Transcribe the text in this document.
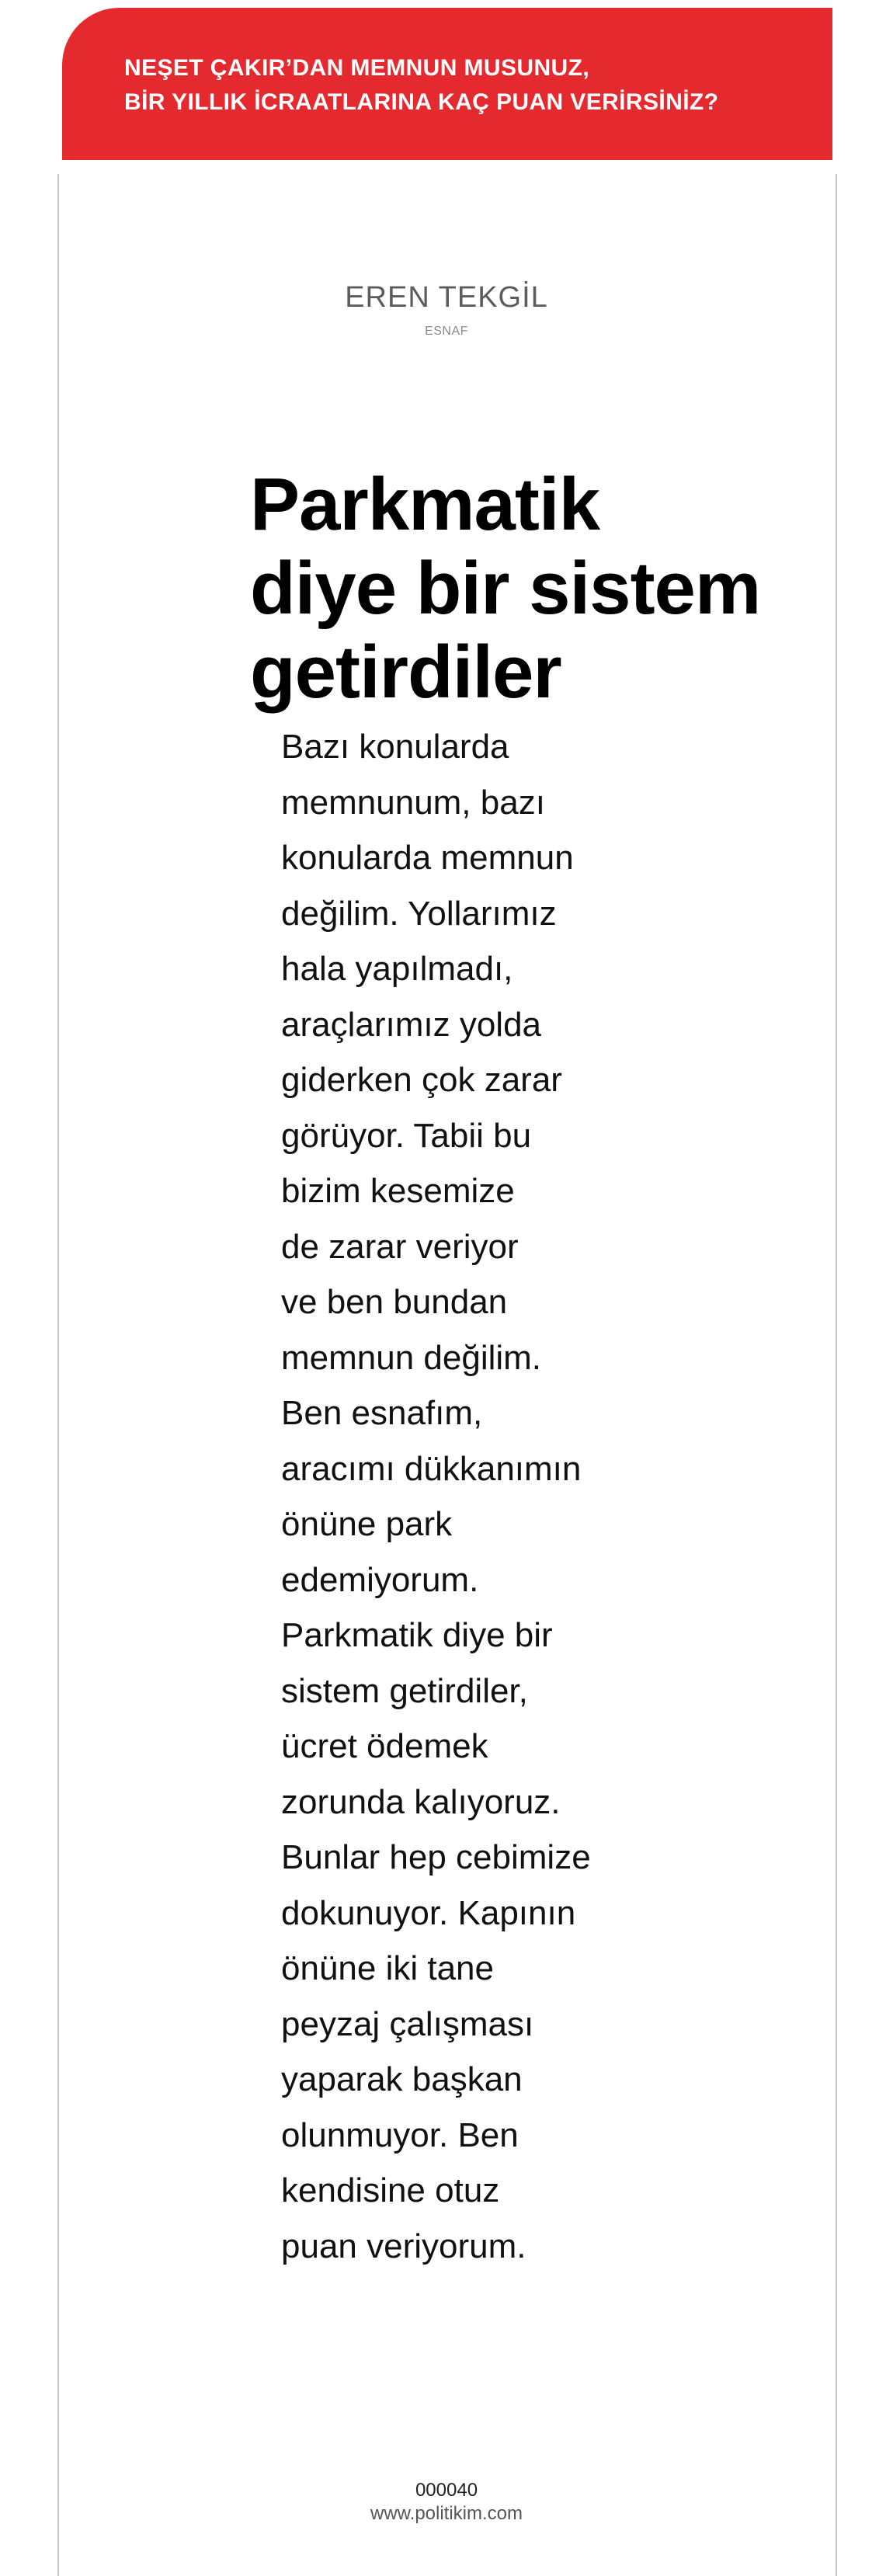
NEŞET ÇAKIR’DAN MEMNUN MUSUNUZ,
BİR YILLIK İCRAATLARINA KAÇ PUAN VERİRSİNİZ?
EREN TEKGİL
ESNAF
Parkmatik
diye bir sistem
getirdiler
Bazı konularda
memnunum, bazı
konularda memnun
değilim. Yollarımız
hala yapılmadı,
araçlarımız yolda
giderken çok zarar
görüyor. Tabii bu
bizim kesemize
de zarar veriyor
ve ben bundan
memnun değilim.
Ben esnafım,
aracımı dükkanımın
önüne park
edemiyorum.
Parkmatik diye bir
sistem getirdiler,
ücret ödemek
zorunda kalıyoruz.
Bunlar hep cebimize
dokunuyor. Kapının
önüne iki tane
peyzaj çalışması
yaparak başkan
olunmuyor. Ben
kendisine otuz
puan veriyorum.
000040
www.politikim.com
